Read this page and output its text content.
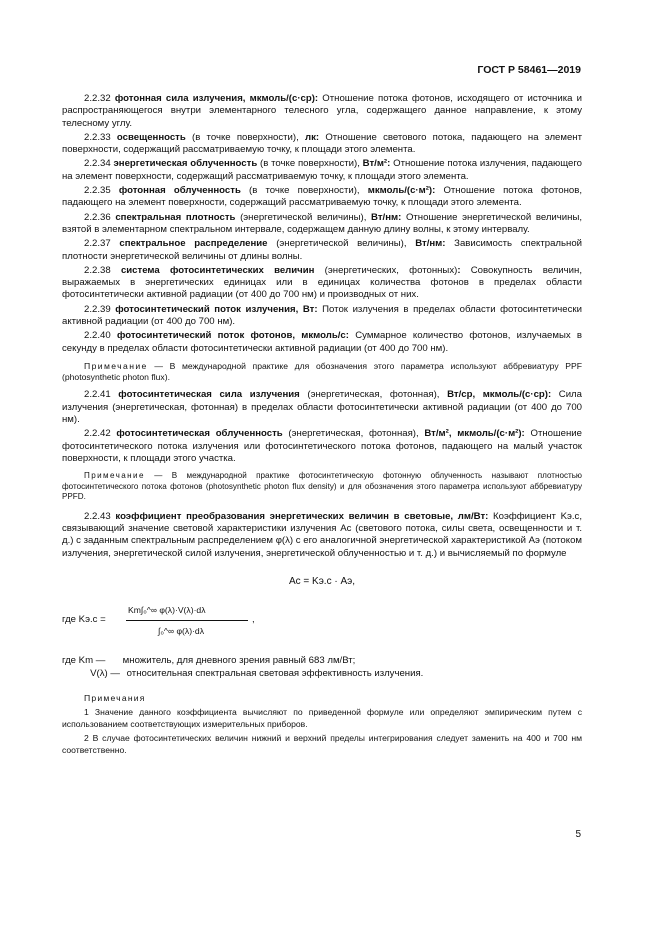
ГОСТ Р 58461—2019

2.2.32 фотонная сила излучения, мкмоль/(с·ср): Отношение потока фотонов, исходящего от источника и распространяющегося внутри элементарного телесного угла, содержащего данное направление, к этому телесному углу.

2.2.33 освещенность (в точке поверхности), лк: Отношение светового потока, падающего на элемент поверхности, содержащий рассматриваемую точку, к площади этого элемента.

2.2.34 энергетическая облученность (в точке поверхности), Вт/м²: Отношение потока излучения, падающего на элемент поверхности, содержащий рассматриваемую точку, к площади этого элемента.

2.2.35 фотонная облученность (в точке поверхности), мкмоль/(с·м²): Отношение потока фотонов, падающего на элемент поверхности, содержащий рассматриваемую точку, к площади этого элемента.

2.2.36 спектральная плотность (энергетической величины), Вт/нм: Отношение энергетической величины, взятой в элементарном спектральном интервале, содержащем данную длину волны, к этому интервалу.

2.2.37 спектральное распределение (энергетической величины), Вт/нм: Зависимость спектральной плотности энергетической величины от длины волны.

2.2.38 система фотосинтетических величин (энергетических, фотонных): Совокупность величин, выражаемых в энергетических единицах или в единицах количества фотонов в пределах области фотосинтетически активной радиации (от 400 до 700 нм) и производных от них.

2.2.39 фотосинтетический поток излучения, Вт: Поток излучения в пределах области фотосинтетически активной радиации (от 400 до 700 нм).

2.2.40 фотосинтетический поток фотонов, мкмоль/с: Суммарное количество фотонов, излучаемых в секунду в пределах области фотосинтетически активной радиации (от 400 до 700 нм).

Примечание — В международной практике для обозначения этого параметра используют аббревиатуру PPF (photosynthetic photon flux).

2.2.41 фотосинтетическая сила излучения (энергетическая, фотонная), Вт/ср, мкмоль/(с·ср): Сила излучения (энергетическая, фотонная) в пределах области фотосинтетически активной радиации (от 400 до 700 нм).

2.2.42 фотосинтетическая облученность (энергетическая, фотонная), Вт/м², мкмоль/(с·м²): Отношение фотосинтетического потока излучения или фотосинтетического потока фотонов, падающего на малый участок поверхности, к площади этого участка.

Примечание — В международной практике фотосинтетическую фотонную облученность называют плотностью фотосинтетического потока фотонов (photosynthetic photon flux density) и для обозначения этого параметра используют аббревиатуру PPFD.

2.2.43 коэффициент преобразования энергетических величин в световые, лм/Вт: Коэффициент Kэ.с, связывающий значение световой характеристики излучения Ac (светового потока, силы света, освещенности и т. д.) с заданным спектральным распределением φ(λ) с его аналогичной энергетической характеристикой Aэ (потоком излучения, энергетической силой излучения, энергетической облученностью и т. д.) и вычисляемый по формуле

Ac = Kэ.с · Aэ,
где Kэ.с =
Km∫₀^∞ φ(λ)·V(λ)·dλ
∫₀^∞ φ(λ)·dλ
,
где Km — множитель, для дневного зрения равный 683 лм/Вт;
V(λ) — относительная спектральная световая эффективность излучения.
Примечания

1 Значение данного коэффициента вычисляют по приведенной формуле или определяют эмпирическим путем с использованием соответствующих измерительных приборов.

2 В случае фотосинтетических величин нижний и верхний пределы интегрирования следует заменить на 400 и 700 нм соответственно.

5
